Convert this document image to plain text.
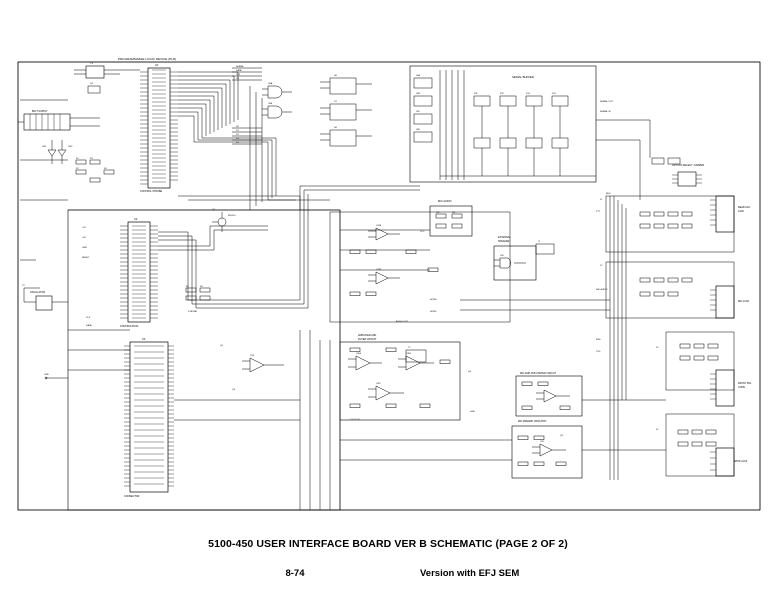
PROGRAMMABLE LOGIC DEVICE (PLD)
U1
CONTROL STROBE
SERIAL
DATA
CLK
CS
D0
D1
D2
D3
D4
Y1
U4
BKLT SUPPLY
CR1	CR2
R1
R2
R3
R4
U2
CONTROL/DATA
R5	R6
Q1
R9 R10
U3
CONNECTOR
OSCILLATOR
Y2
GND
U5A
U5B
U6
U7
U8
SERIAL BUFFER
U9A
U9B
U9C
U9D
R11	R12	R13	R14
OPTION SELECT JUMPER
REAR ACC
JACK
MIC JACK
FRONT PNL
CONN
SPKR JACK
BUS
MIC AUDIO
R20	R21
EXTERNAL
SPEAKER
U10
T1
AMPLIFIER AND
FILTER CIRCUIT
U11A	U11B
U11C
U12A
U12B
MIC PREAMP CIRCUITRY
U13
MIC AMP AND LIMITER CIRCUIT
T2
U14
+5V
+8V
GND
RESET
CLK
DATA
STROBE
AUDIO OUT
SPKR+
SPKR-
PTT
MIC AUDIO
RXD
TXD
SERIAL OUT
SERIAL IN
VCC
GND
C1 C2 C3
Q2
Q3
Q4
Q5
J4
J3
J2
J1
5100-450 USER INTERFACE BOARD VER B SCHEMATIC (PAGE 2 OF 2)
8-74	Version with EFJ SEM
